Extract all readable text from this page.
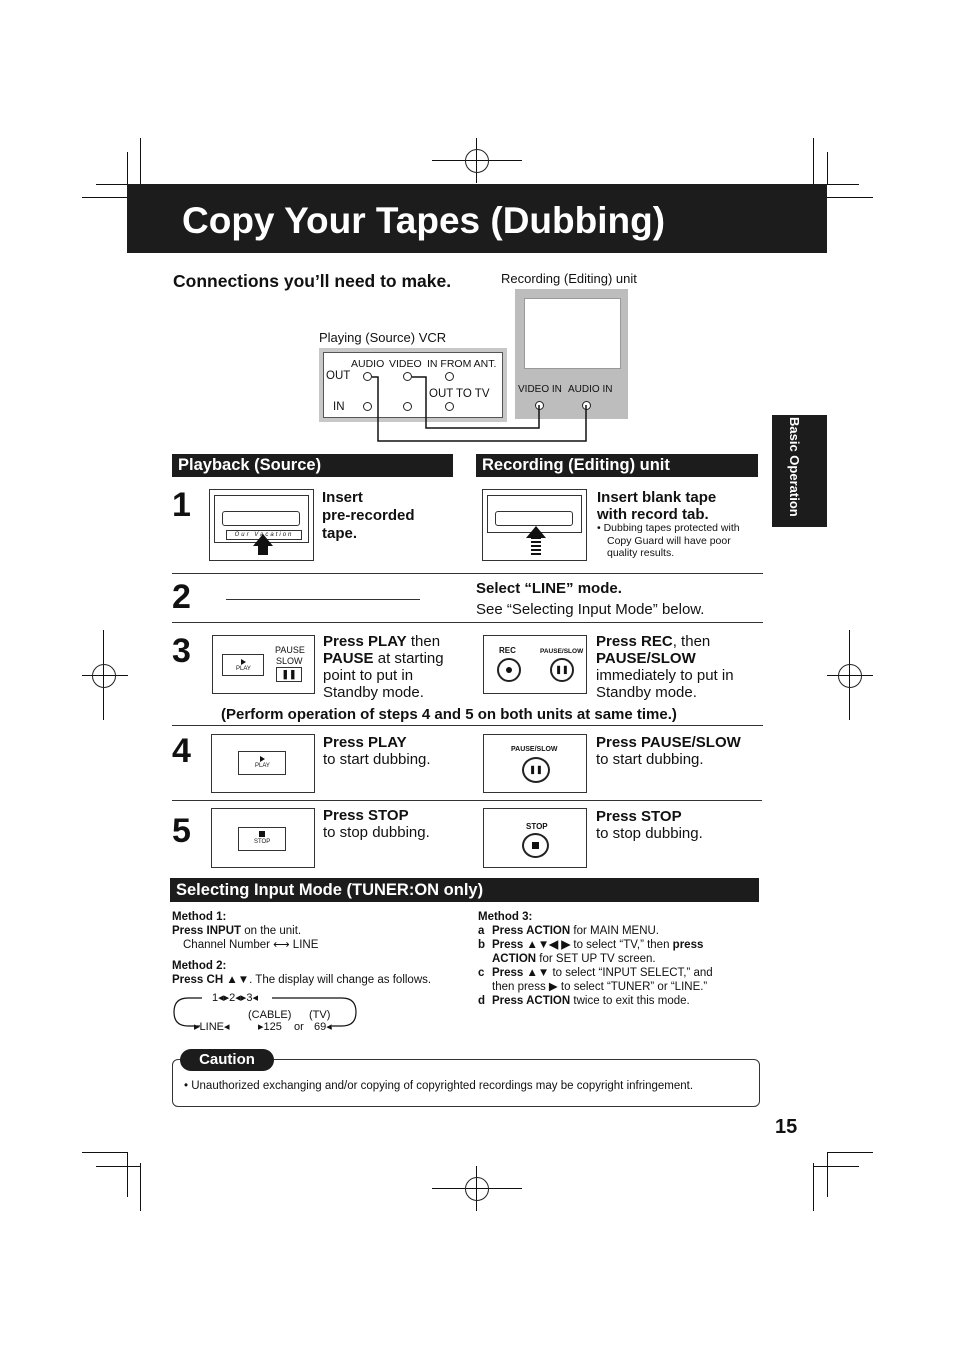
Copy Your Tapes (Dubbing)
Basic Operation
Connections you’ll need to make.	Recording (Editing) unit
Playing (Source) VCR
VIDEO IN AUDIO IN
AUDIO VIDEO IN FROM ANT.
OUT
IN
OUT TO TV
Playback (Source)	Recording (Editing) unit
1
Our Vacation
Insert
pre-recorded
tape.
Insert blank tape
with record tab.
• Dubbing tapes protected with
Copy Guard will have poor
quality results.
2	Select “LINE” mode.
See “Selecting Input Mode” below.
3	PLAY
PAUSE
SLOW
❚❚
Press PLAY then
PAUSE at starting
point to put in
Standby mode.
REC	PAUSE/SLOW
❚❚
Press REC, then
PAUSE/SLOW
immediately to put in
Standby mode.
(Perform operation of steps 4 and 5 on both units at same time.)
4	PLAY
Press PLAY
to start dubbing.
PAUSE/SLOW
❚❚
Press PAUSE/SLOW
to start dubbing.
5	STOP
Press STOP
to stop dubbing.	STOP
Press STOP
to stop dubbing.
Selecting Input Mode (TUNER:ON only)
Method 1:
Press INPUT on the unit.
Channel Number ⟷ LINE
Method 2:
Press CH ▲▼. The display will change as follows.
1◂▸2◂▸3◂
(CABLE) (TV)
▸LINE◂	▸125 or 69◂
Method 3:
a Press ACTION for MAIN MENU.
b Press ▲▼◀ ▶ to select “TV,” then press
ACTION for SET UP TV screen.
c Press ▲▼ to select “INPUT SELECT,” and
then press ▶ to select “TUNER” or “LINE.”
d Press ACTION twice to exit this mode.
• Unauthorized exchanging and/or copying of copyrighted recordings may be copyright infringement.
Caution
15
